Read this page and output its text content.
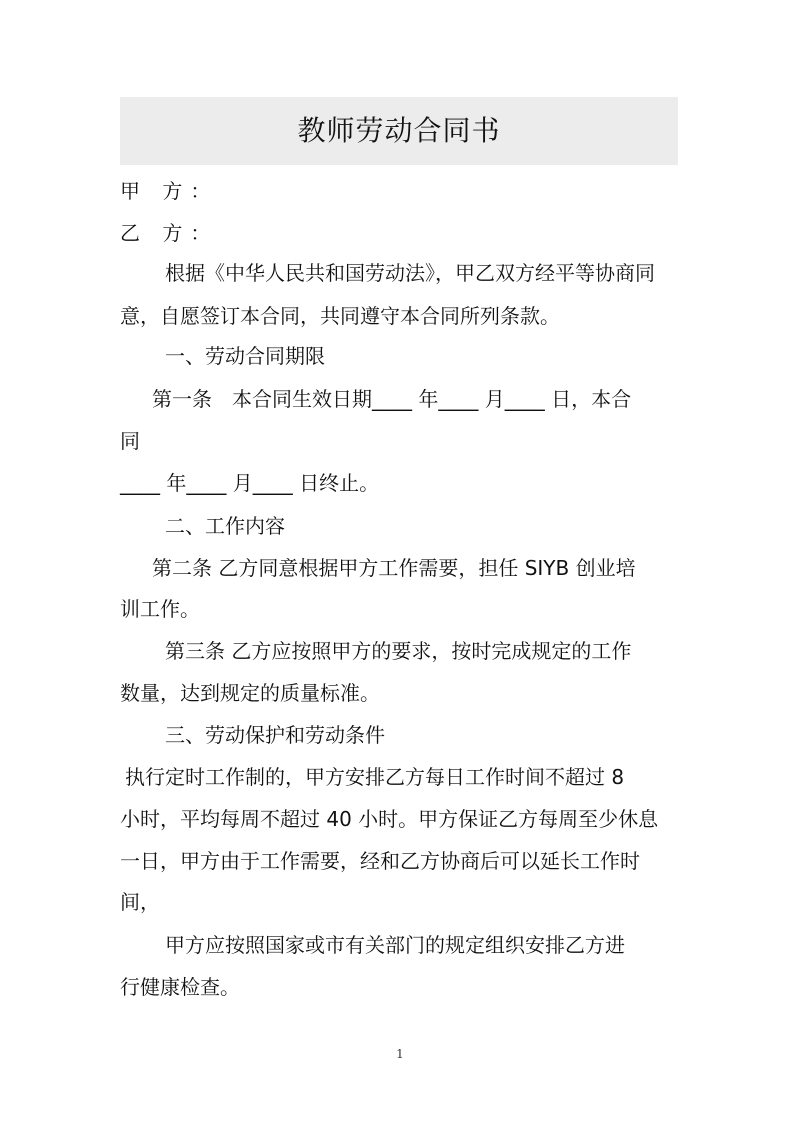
教师劳动合同书
甲 方：
乙 方：
根据《中华人民共和国劳动法》，甲乙双方经平等协商同
意，自愿签订本合同，共同遵守本合同所列条款。
一、劳动合同期限
第一条　本合同生效日期____ 年____ 月____ 日，本合
同
____ 年____ 月____ 日终止。
二、工作内容
第二条 乙方同意根据甲方工作需要，担任 SIYB 创业培
训工作。
第三条 乙方应按照甲方的要求，按时完成规定的工作
数量，达到规定的质量标准。
三、劳动保护和劳动条件
执行定时工作制的，甲方安排乙方每日工作时间不超过 8
小时，平均每周不超过 40 小时。甲方保证乙方每周至少休息
一日，甲方由于工作需要，经和乙方协商后可以延长工作时
间，
甲方应按照国家或市有关部门的规定组织安排乙方进
行健康检查。
1
